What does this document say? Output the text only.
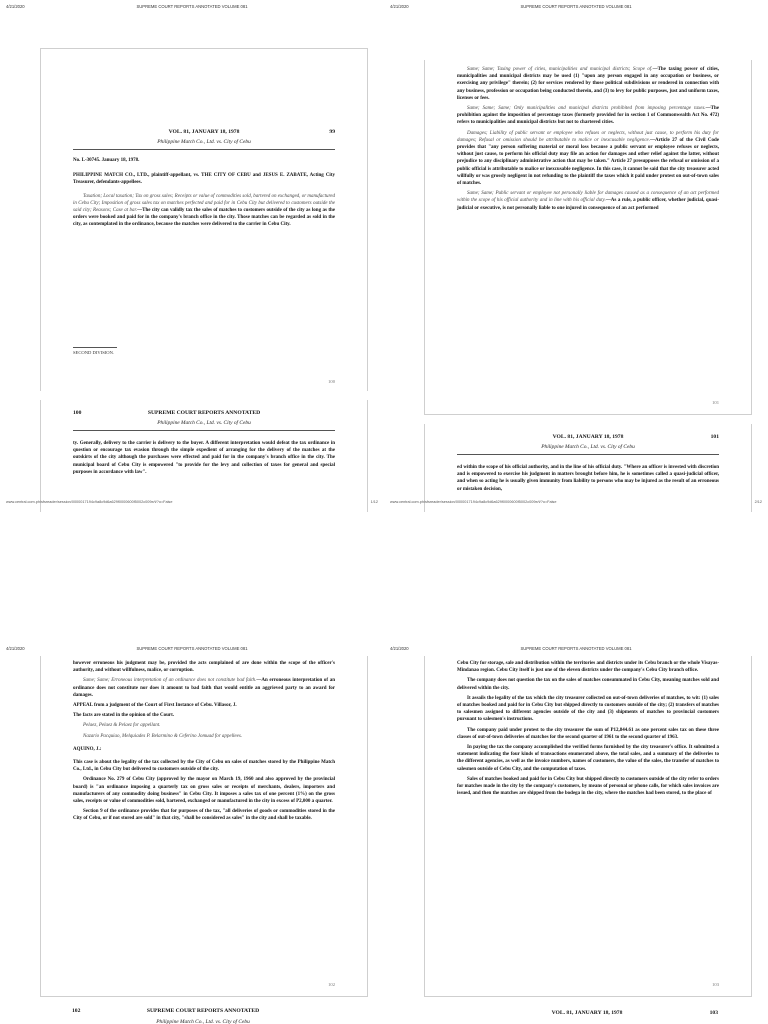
4/21/2020	SUPREME COURT REPORTS ANNOTATED VOLUME 081
VOL. 81, JANUARY 18, 1978	99
Philippine Match Co., Ltd. vs. City of Cebu

No. L-30745. January 18, 1978.

PHILIPPINE MATCH CO., LTD., plaintiff-appellant, vs. THE CITY OF CEBU and JESUS E. ZABATE, Acting City Treasurer, defendants-appellees.

Taxation; Local taxation; Tax on gross sales; Receipts or value of commodities sold, bartered on exchanged, or manufactured in Cebu City; Imposition of gross sales tax on matches perfected and paid for in Cebu City but delivered to customers outside the said city; Reasons; Case at bar.—The city can validly tax the sales of matches to customers outside of the city as long as the orders were booked and paid for in the company's branch office in the city. Those matches can be regarded as sold in the city, as contemplated in the ordinance, because the matches were delivered to the carrier in Cebu City.

SECOND DIVISION.
100
100	SUPREME COURT REPORTS ANNOTATED
Philippine Match Co., Ltd. vs. City of Cebu

ty. Generally, delivery to the carrier is delivery to the buyer. A different interpretation would defeat the tax ordinance in question or encourage tax evasion through the simple expedient of arranging for the delivery of the matches at the outskirts of the city although the purchases were effected and paid for in the company's branch office in the city. The municipal board of Cebu City is empowered "to provide for the levy and collection of taxes for general and special purposes in accordance with law".

www.central.com.ph/sfsreader/session/0000017194c9a8c9d6a629f0000600f5002c009e/t/?o=False	1/12
4/21/2020	SUPREME COURT REPORTS ANNOTATED VOLUME 081

Same; Same; Taxing power of cities, municipalities and municipal districts; Scope of.—The taxing power of cities, municipalities and municipal districts may be used (1) "upon any person engaged in any occupation or business, or exercising any privilege" therein; (2) for services rendered by those political subdivisions or rendered in connection with any business, profession or occupation being conducted therein, and (3) to levy for public purposes, just and uniform taxes, licenses or fees.

Same; Same; Same; Only municipalities and municipal districts prohibited from imposing percentage taxes.—The prohibition against the imposition of percentage taxes (formerly provided for in section 1 of Commonwealth Act No. 472) refers to municipalities and municipal districts but not to chartered cities.

Damages; Liability of public servant or employee who refuses or neglects, without just cause, to perform his duty for damages; Refusal or omission should be attributable to malice or inexcusable negligence.—Article 27 of the Civil Code provides that "any person suffering material or moral loss because a public servant or employee refuses or neglects, without just cause, to perform his official duty may file an action for damages and other relief against the latter, without prejudice to any disciplinary administrative action that may be taken." Article 27 presupposes the refusal or omission of a public official is attributable to malice or inexcusable negligence. In this case, it cannot be said that the city treasurer acted willfully or was grossly negligent in not refunding to the plaintiff the taxes which it paid under protest on out-of-town sales of matches.

Same; Same; Public servant or employee not personally liable for damages caused as a consequence of an act performed within the scope of his official authority and in line with his official duty.—As a rule, a public officer, whether judicial, quasi-judicial or executive, is not personally liable to one injured in consequence of an act performed

101
VOL. 81, JANUARY 18, 1978	101
Philippine Match Co., Ltd. vs. City of Cebu

ed within the scope of his official authority, and in the line of his official duty. "Where an officer is invested with discretion and is empowered to exercise his judgment in matters brought before him, he is sometimes called a quasi-judicial officer, and when so acting he is usually given immunity from liability to persons who may be injured as the result of an erroneous or mistaken decision,

www.central.com.ph/sfsreader/session/0000017194c9a8c9d6a629f0000600f5002c009e/t/?o=False	2/12
4/21/2020	SUPREME COURT REPORTS ANNOTATED VOLUME 081

however erroneous his judgment may be, provided the acts complained of are done within the scope of the officer's authority, and without willfulness, malice, or corruption.

Same; Same; Erroneous interpretation of an ordinance does not constitute bad faith.—An erroneous interpretation of an ordinance does not constitute nor does it amount to bad faith that would entitle an aggrieved party to an award for damages.

APPEAL from a judgment of the Court of First Instance of Cebu. Villasor, J.

The facts are stated in the opinion of the Court.

Pelaez, Pelaez & Pelaez for appellant.

Nazario Pacquiao, Melquiades P. Belarmino & Ceferino Jomuad for appellees.

AQUINO, J.:

This case is about the legality of the tax collected by the City of Cebu on sales of matches stored by the Philippine Match Co., Ltd., in Cebu City but delivered to customers outside of the city.

Ordinance No. 279 of Cebu City (approved by the mayor on March 19, 1960 and also approved by the provincial board) is "an ordinance imposing a quarterly tax on gross sales or receipts of merchants, dealers, importers and manufacturers of any commodity doing business" in Cebu City. It imposes a sales tax of one percent (1%) on the gross sales, receipts or value of commodities sold, bartered, exchanged or manufactured in the city in excess of P2,000 a quarter.

Section 9 of the ordinance provides that for purposes of the tax, "all deliveries of goods or commodities stored in the City of Cebu, or if not stored are sold" in that city, "shall be considered as sales" in the city and shall be taxable.

102
102	SUPREME COURT REPORTS ANNOTATED
Philippine Match Co., Ltd. vs. City of Cebu
4/21/2020	SUPREME COURT REPORTS ANNOTATED VOLUME 081

Cebu City for storage, sale and distribution within the territories and districts under its Cebu branch or the whole Visayas-Mindanao region. Cebu City itself is just one of the eleven districts under the company's Cebu City branch office.

The company does not question the tax on the sales of matches consummated in Cebu City, meaning matches sold and delivered within the city.

It assails the legality of the tax which the city treasurer collected on out-of-town deliveries of matches, to wit: (1) sales of matches booked and paid for in Cebu City but shipped directly to customers outside of the city; (2) transfers of matches to salesmen assigned to different agencies outside of the city and (3) shipments of matches to provincial customers pursuant to salesmen's instructions.

The company paid under protest to the city treasurer the sum of P12,844.61 as one percent sales tax on these three classes of out-of-town deliveries of matches for the second quarter of 1961 to the second quarter of 1963.

In paying the tax the company accomplished the verified forms furnished by the city treasurer's office. It submitted a statement indicating the four kinds of transactions enumerated above, the total sales, and a summary of the deliveries to the different agencies, as well as the invoice numbers, names of customers, the value of the sales, the transfer of matches to salesmen outside of Cebu City, and the computation of taxes.

Sales of matches booked and paid for in Cebu City but shipped directly to customers outside of the city refer to orders for matches made in the city by the company's customers, by means of personal or phone calls, for which sales invoices are issued, and then the matches are shipped from the bodega in the city, where the matches had been stored, to the place of

103
VOL. 81, JANUARY 18, 1978	103
